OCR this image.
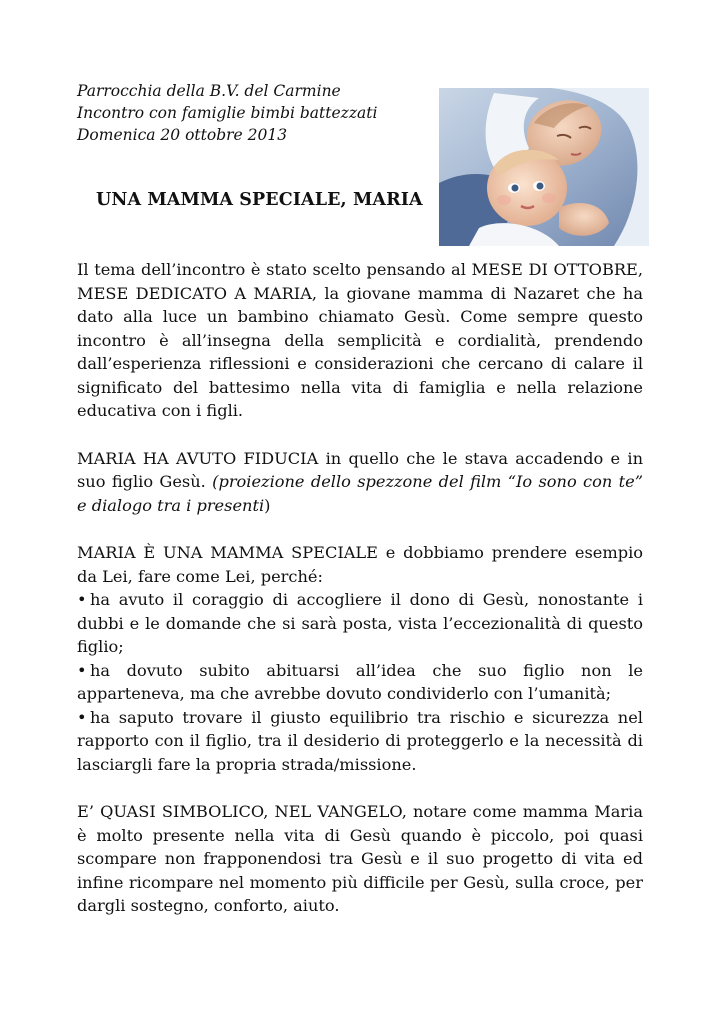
Parrocchia della B.V. del Carmine
Incontro con famiglie bimbi battezzati
Domenica 20 ottobre 2013
UNA MAMMA SPECIALE, MARIA

Il tema dell’incontro è stato scelto pensando al MESE DI OTTOBRE, MESE DEDICATO A MARIA, la giovane mamma di Nazaret che ha dato alla luce un bambino chiamato Gesù. Come sempre questo incontro è all’insegna della semplicità e cordialità, prendendo dall’esperienza riflessioni e considerazioni che cercano di calare il significato del battesimo nella vita di famiglia e nella relazione educativa con i figli.

MARIA HA AVUTO FIDUCIA in quello che le stava accadendo e in suo figlio Gesù. (proiezione dello spezzone del film “Io sono con te” e dialogo tra i presenti)

MARIA È UNA MAMMA SPECIALE e dobbiamo prendere esempio da Lei, fare come Lei, perché:
• ha avuto il coraggio di accogliere il dono di Gesù, nonostante i dubbi e le domande che si sarà posta, vista l’eccezionalità di questo figlio;
• ha dovuto subito abituarsi all’idea che suo figlio non le apparteneva, ma che avrebbe dovuto condividerlo con l’umanità;
• ha saputo trovare il giusto equilibrio tra rischio e sicurezza nel rapporto con il figlio, tra il desiderio di proteggerlo e la necessità di lasciargli fare la propria strada/missione.

E’ QUASI SIMBOLICO, NEL VANGELO, notare come mamma Maria è molto presente nella vita di Gesù quando è piccolo, poi quasi scompare non frapponendosi tra Gesù e il suo progetto di vita ed infine ricompare nel momento più difficile per Gesù, sulla croce, per dargli sostegno, conforto, aiuto.
